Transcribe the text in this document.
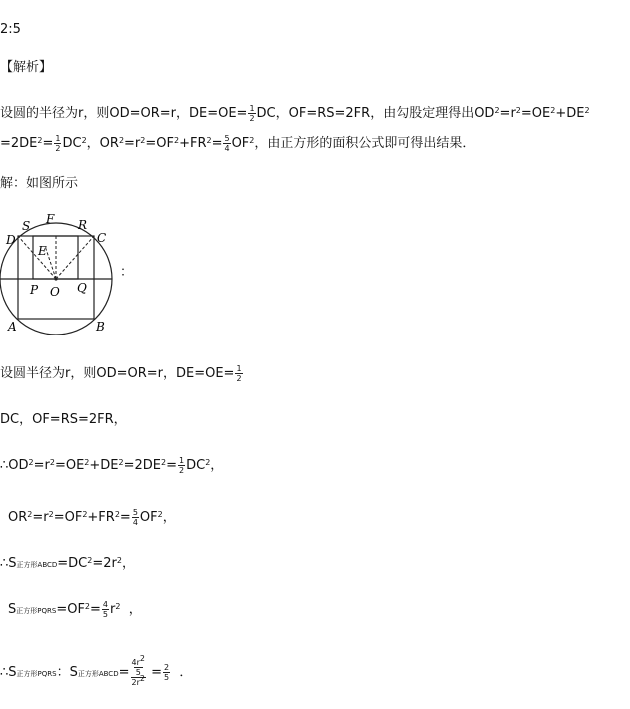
2:5
【解析】
设圆的半径为r，则OD=OR=r，$DE=OE= \frac{1}{2}$ DC，OF=RS=2FR，由勾股定理得出$OD^2=r^2=OE^2+DE^2$
$=2DE^2= \frac{1}{2} DC^2$，$OR^2=r^2=OF^2+FR^2= \frac{5}{4} OF^2$，由正方形的面积公式即可得出结果．
解：如图所示
S F R
D	C
E
P O Q
A	B
：
设圆半径为r，则OD=OR=r，$DE=OE= \frac{1}{2}$
DC，OF=RS=2FR，
$\therefore OD^2=r^2=OE^2+DE^2=2DE^2= \frac{1}{2} DC^2$，
$OR^2=r^2=OF^2+FR^2= \frac{5}{4} OF^2$，
∴S正方形$ABCD=DC^2=2r^2$，
S正方形$PQRS=OF^2= \frac{4}{5} r^2$ ，
∴S正方形PQRS：S正方形ABCD=
$4r^2$
5
$2r^2 = \frac{2}{5}$ ．
